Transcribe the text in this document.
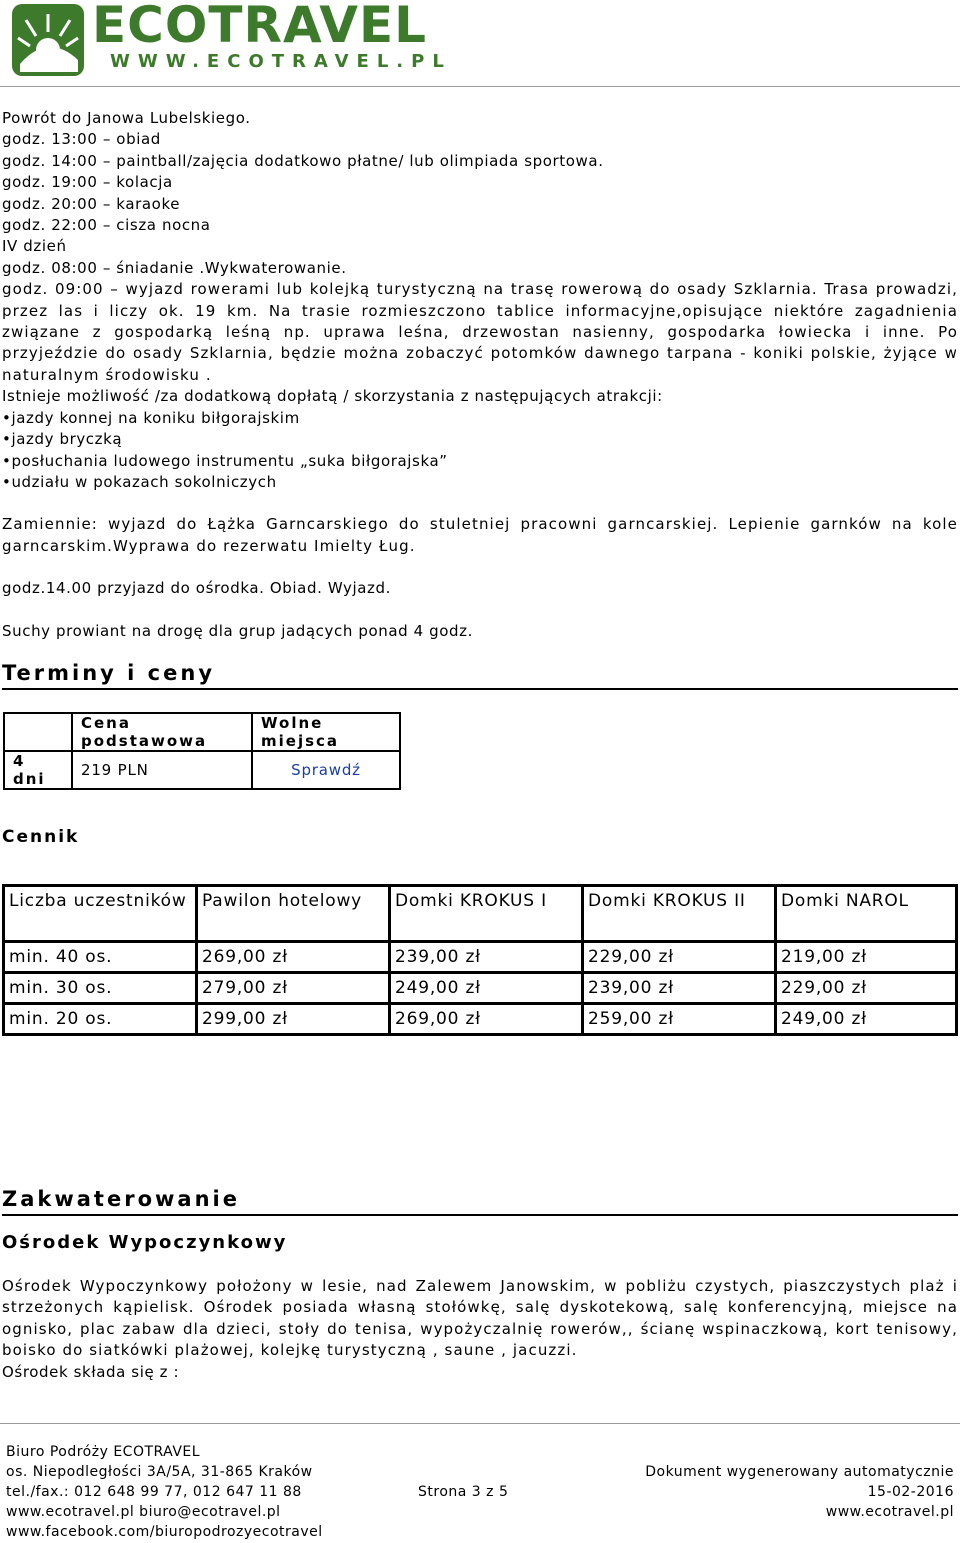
ECOTRAVEL
WWW.ECOTRAVEL.PL

Powrót do Janowa Lubelskiego.

godz. 13:00 – obiad

godz. 14:00 – paintball/zajęcia dodatkowo płatne/ lub olimpiada sportowa.

godz. 19:00 – kolacja

godz. 20:00 – karaoke

godz. 22:00 – cisza nocna

IV dzień

godz. 08:00 – śniadanie .Wykwaterowanie.

godz. 09:00 – wyjazd rowerami lub kolejką turystyczną na trasę rowerową do osady Szklarnia. Trasa prowadzi, przez las i liczy ok. 19 km. Na trasie rozmieszczono tablice informacyjne,opisujące niektóre zagadnienia związane z gospodarką leśną np. uprawa leśna, drzewostan nasienny, gospodarka łowiecka i inne. Po przyjeździe do osady Szklarnia, będzie można zobaczyć potomków dawnego tarpana - koniki polskie, żyjące w naturalnym środowisku .

Istnieje możliwość /za dodatkową dopłatą / skorzystania z następujących atrakcji:

•jazdy konnej na koniku biłgorajskim

•jazdy bryczką

•posłuchania ludowego instrumentu „suka biłgorajska”

•udziału w pokazach sokolniczych

Zamiennie: wyjazd do Łążka Garncarskiego do stuletniej pracowni garncarskiej. Lepienie garnków na kole garncarskim.Wyprawa do rezerwatu Imielty Ług.

godz.14.00 przyjazd do ośrodka. Obiad. Wyjazd.

Suchy prowiant na drogę dla grup jadących ponad 4 godz.

Terminy i ceny
	Cena podstawowa	Wolne miejsca
4 dni	219 PLN	Sprawdź
Cennik
Liczba uczestników	Pawilon hotelowy	Domki KROKUS I	Domki KROKUS II	Domki NAROL
min. 40 os.	269,00 zł	239,00 zł	229,00 zł	219,00 zł
min. 30 os.	279,00 zł	249,00 zł	239,00 zł	229,00 zł
min. 20 os.	299,00 zł	269,00 zł	259,00 zł	249,00 zł
Zakwaterowanie
Ośrodek Wypoczynkowy

Ośrodek Wypoczynkowy położony w lesie, nad Zalewem Janowskim, w pobliżu czystych, piaszczystych plaż i strzeżonych kąpielisk. Ośrodek posiada własną stołówkę, salę dyskotekową, salę konferencyjną, miejsce na ognisko, plac zabaw dla dzieci, stoły do tenisa, wypożyczalnię rowerów,, ścianę wspinaczkową, kort tenisowy, boisko do siatkówki plażowej, kolejkę turystyczną , saune , jacuzzi.

Ośrodek składa się z :

Biuro Podróży ECOTRAVEL
os. Niepodległości 3A/5A, 31-865 Kraków
tel./fax.: 012 648 99 77, 012 647 11 88
www.ecotravel.pl biuro@ecotravel.pl
www.facebook.com/biuropodrozyecotravel
Strona 3 z 5
Dokument wygenerowany automatycznie
15-02-2016
www.ecotravel.pl
